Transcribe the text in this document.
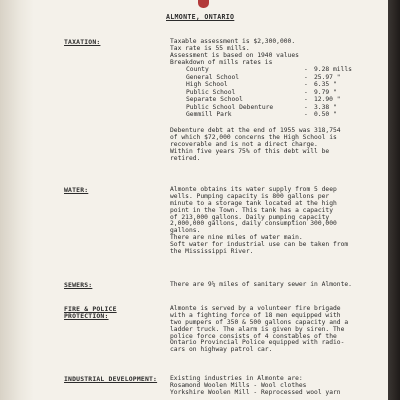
ALMONTE, ONTARIO
TAXATION:	Taxable assessment is $2,300,000.
Tax rate is 55 mills.
Assessment is based on 1940 values
Breakdown of mills rates is
County	- 9.28 mills
General School	- 25.97 "
High School	- 6.35 "
Public School	- 9.79 "
Separate School	- 12.90 "
Public School Debenture	- 3.38 "
Gemmill Park	- 0.50 "
Debenture debt at the end of 1955 was 318,754
of which $72,000 concerns the High School is
recoverable and is not a direct charge.
Within five years 75% of this debt will be
retired.
WATER:	Almonte obtains its water supply from 5 deep
wells. Pumping capacity is 800 gallons per
minute to a storage tank located at the high
point in the Town. This tank has a capacity
of 213,000 gallons. Daily pumping capacity
2,000,000 gallons, daily consumption 300,000
gallons.
There are nine miles of water main.
Soft water for industrial use can be taken from
the Mississippi River.
SEWERS:	There are 9¼ miles of sanitary sewer in Almonte.
FIRE & POLICE
PROTECTION:
Almonte is served by a volunteer fire brigade
with a fighting force of 18 men equipped with
two pumpers of 350 & 500 gallons capacity and a
ladder truck. The alarm is given by siren. The
police force consists of 4 constables of the
Ontario Provincial Police equipped with radio-
cars on highway patrol car.
INDUSTRIAL DEVELOPMENT: Existing industries in Almonte are:
Rosamond Woolen Mills - Wool clothes
Yorkshire Woolen Mill - Reprocessed wool yarn
